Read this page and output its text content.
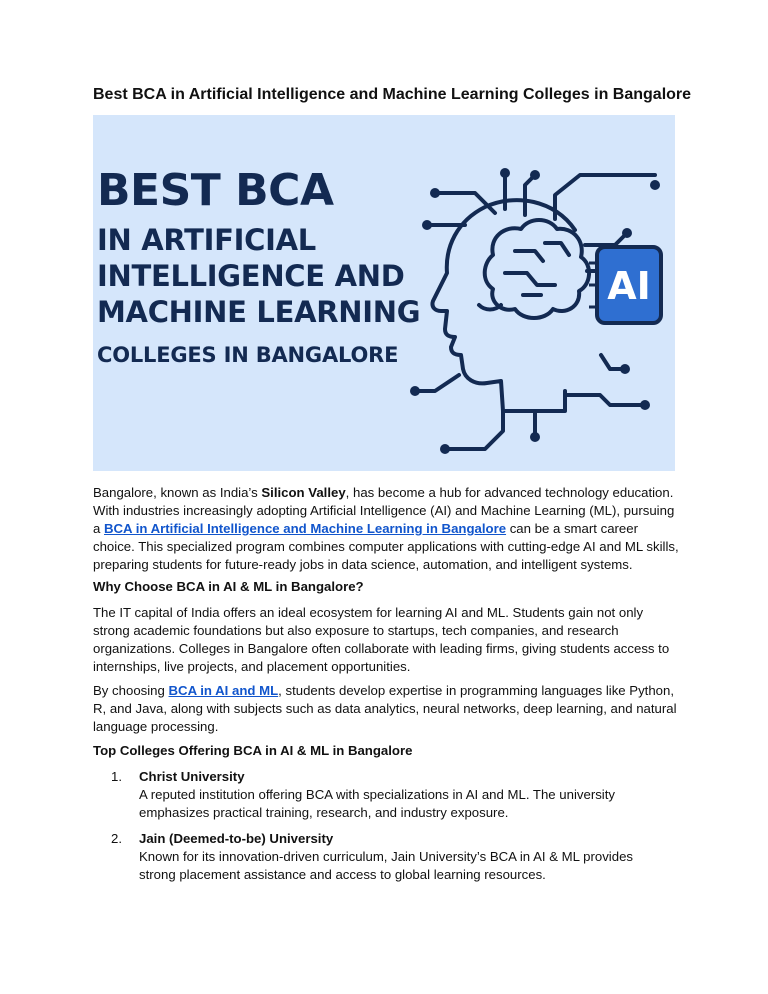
Best BCA in Artificial Intelligence and Machine Learning Colleges in Bangalore
BEST BCA
IN ARTIFICIAL
INTELLIGENCE AND
MACHINE LEARNING
COLLEGES IN BANGALORE
AI

Bangalore, known as India’s Silicon Valley, has become a hub for advanced technology education. With industries increasingly adopting Artificial Intelligence (AI) and Machine Learning (ML), pursuing a BCA in Artificial Intelligence and Machine Learning in Bangalore can be a smart career choice. This specialized program combines computer applications with cutting-edge AI and ML skills, preparing students for future-ready jobs in data science, automation, and intelligent systems.

Why Choose BCA in AI & ML in Bangalore?

The IT capital of India offers an ideal ecosystem for learning AI and ML. Students gain not only strong academic foundations but also exposure to startups, tech companies, and research organizations. Colleges in Bangalore often collaborate with leading firms, giving students access to internships, live projects, and placement opportunities.

By choosing BCA in AI and ML, students develop expertise in programming languages like Python, R, and Java, along with subjects such as data analytics, neural networks, deep learning, and natural language processing.

Top Colleges Offering BCA in AI & ML in Bangalore

1. Christ University
A reputed institution offering BCA with specializations in AI and ML. The university emphasizes practical training, research, and industry exposure.
2. Jain (Deemed-to-be) University
Known for its innovation-driven curriculum, Jain University’s BCA in AI & ML provides strong placement assistance and access to global learning resources.
